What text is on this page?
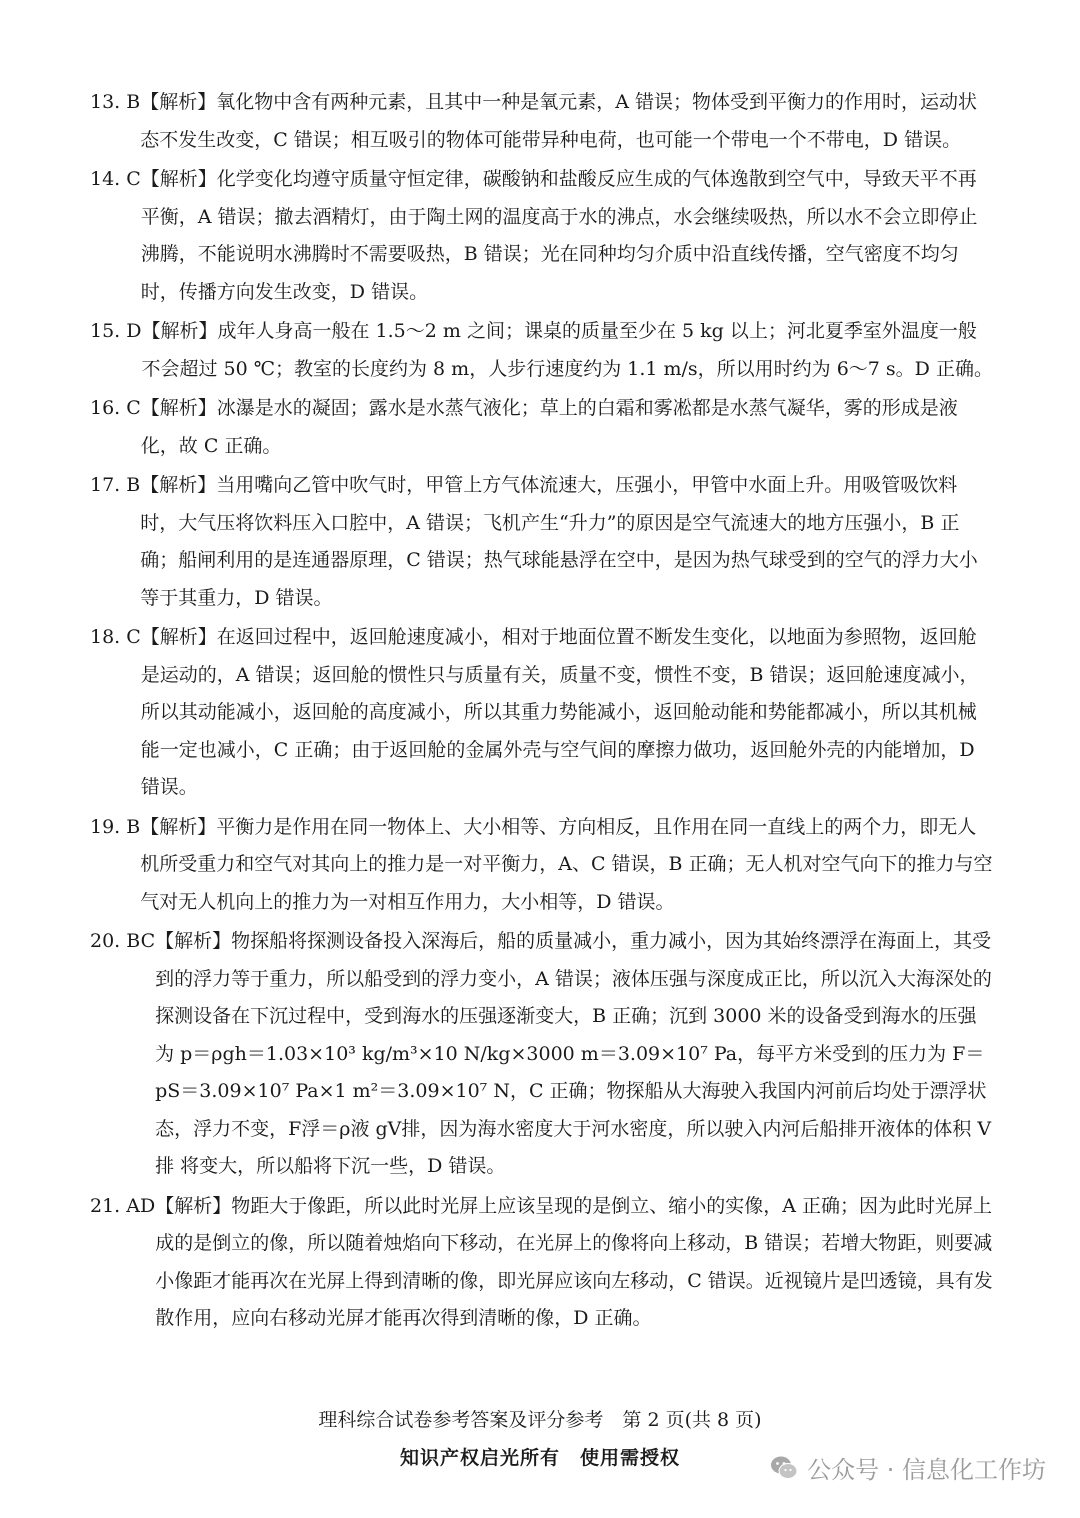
13. B 【解析】氧化物中含有两种元素，且其中一种是氧元素，A 错误；物体受到平衡力的作用时，运动状态不发生改变，C 错误；相互吸引的物体可能带异种电荷，也可能一个带电一个不带电，D 错误。
14. C 【解析】化学变化均遵守质量守恒定律，碳酸钠和盐酸反应生成的气体逸散到空气中，导致天平不再平衡，A 错误；撤去酒精灯，由于陶土网的温度高于水的沸点，水会继续吸热，所以水不会立即停止沸腾，不能说明水沸腾时不需要吸热，B 错误；光在同种均匀介质中沿直线传播，空气密度不均匀时，传播方向发生改变，D 错误。
15. D 【解析】成年人身高一般在 1.5～2 m 之间；课桌的质量至少在 5 kg 以上；河北夏季室外温度一般不会超过 50 ℃；教室的长度约为 8 m，人步行速度约为 1.1 m/s，所以用时约为 6～7 s。D 正确。
16. C 【解析】冰瀑是水的凝固；露水是水蒸气液化；草上的白霜和雾凇都是水蒸气凝华，雾的形成是液化，故 C 正确。
17. B 【解析】当用嘴向乙管中吹气时，甲管上方气体流速大，压强小，甲管中水面上升。用吸管吸饮料时，大气压将饮料压入口腔中，A 错误；飞机产生“升力”的原因是空气流速大的地方压强小，B 正确；船闸利用的是连通器原理，C 错误；热气球能悬浮在空中，是因为热气球受到的空气的浮力大小等于其重力，D 错误。
18. C 【解析】在返回过程中，返回舱速度减小，相对于地面位置不断发生变化，以地面为参照物，返回舱是运动的，A 错误；返回舱的惯性只与质量有关，质量不变，惯性不变，B 错误；返回舱速度减小，所以其动能减小，返回舱的高度减小，所以其重力势能减小，返回舱动能和势能都减小，所以其机械能一定也减小，C 正确；由于返回舱的金属外壳与空气间的摩擦力做功，返回舱外壳的内能增加，D 错误。
19. B 【解析】平衡力是作用在同一物体上、大小相等、方向相反，且作用在同一直线上的两个力，即无人机所受重力和空气对其向上的推力是一对平衡力，A、C 错误，B 正确；无人机对空气向下的推力与空气对无人机向上的推力为一对相互作用力，大小相等，D 错误。
20. BC 【解析】物探船将探测设备投入深海后，船的质量减小，重力减小，因为其始终漂浮在海面上，其受到的浮力等于重力，所以船受到的浮力变小，A 错误；液体压强与深度成正比，所以沉入大海深处的探测设备在下沉过程中，受到海水的压强逐渐变大，B 正确；沉到 3000 米的设备受到海水的压强为 p＝ρgh＝1.03×10³ kg/m³×10 N/kg×3000 m＝3.09×10⁷ Pa，每平方米受到的压力为 F＝pS＝3.09×10⁷ Pa×1 m²＝3.09×10⁷ N，C 正确；物探船从大海驶入我国内河前后均处于漂浮状态，浮力不变，F浮＝ρ液 gV排，因为海水密度大于河水密度，所以驶入内河后船排开液体的体积 V排 将变大，所以船将下沉一些，D 错误。
21. AD 【解析】物距大于像距，所以此时光屏上应该呈现的是倒立、缩小的实像，A 正确；因为此时光屏上成的是倒立的像，所以随着烛焰向下移动，在光屏上的像将向上移动，B 错误；若增大物距，则要减小像距才能再次在光屏上得到清晰的像，即光屏应该向左移动，C 错误。近视镜片是凹透镜，具有发散作用，应向右移动光屏才能再次得到清晰的像，D 正确。
理科综合试卷参考答案及评分参考　第 2 页(共 8 页)
知识产权启光所有　使用需授权	公众号 · 信息化工作坊
